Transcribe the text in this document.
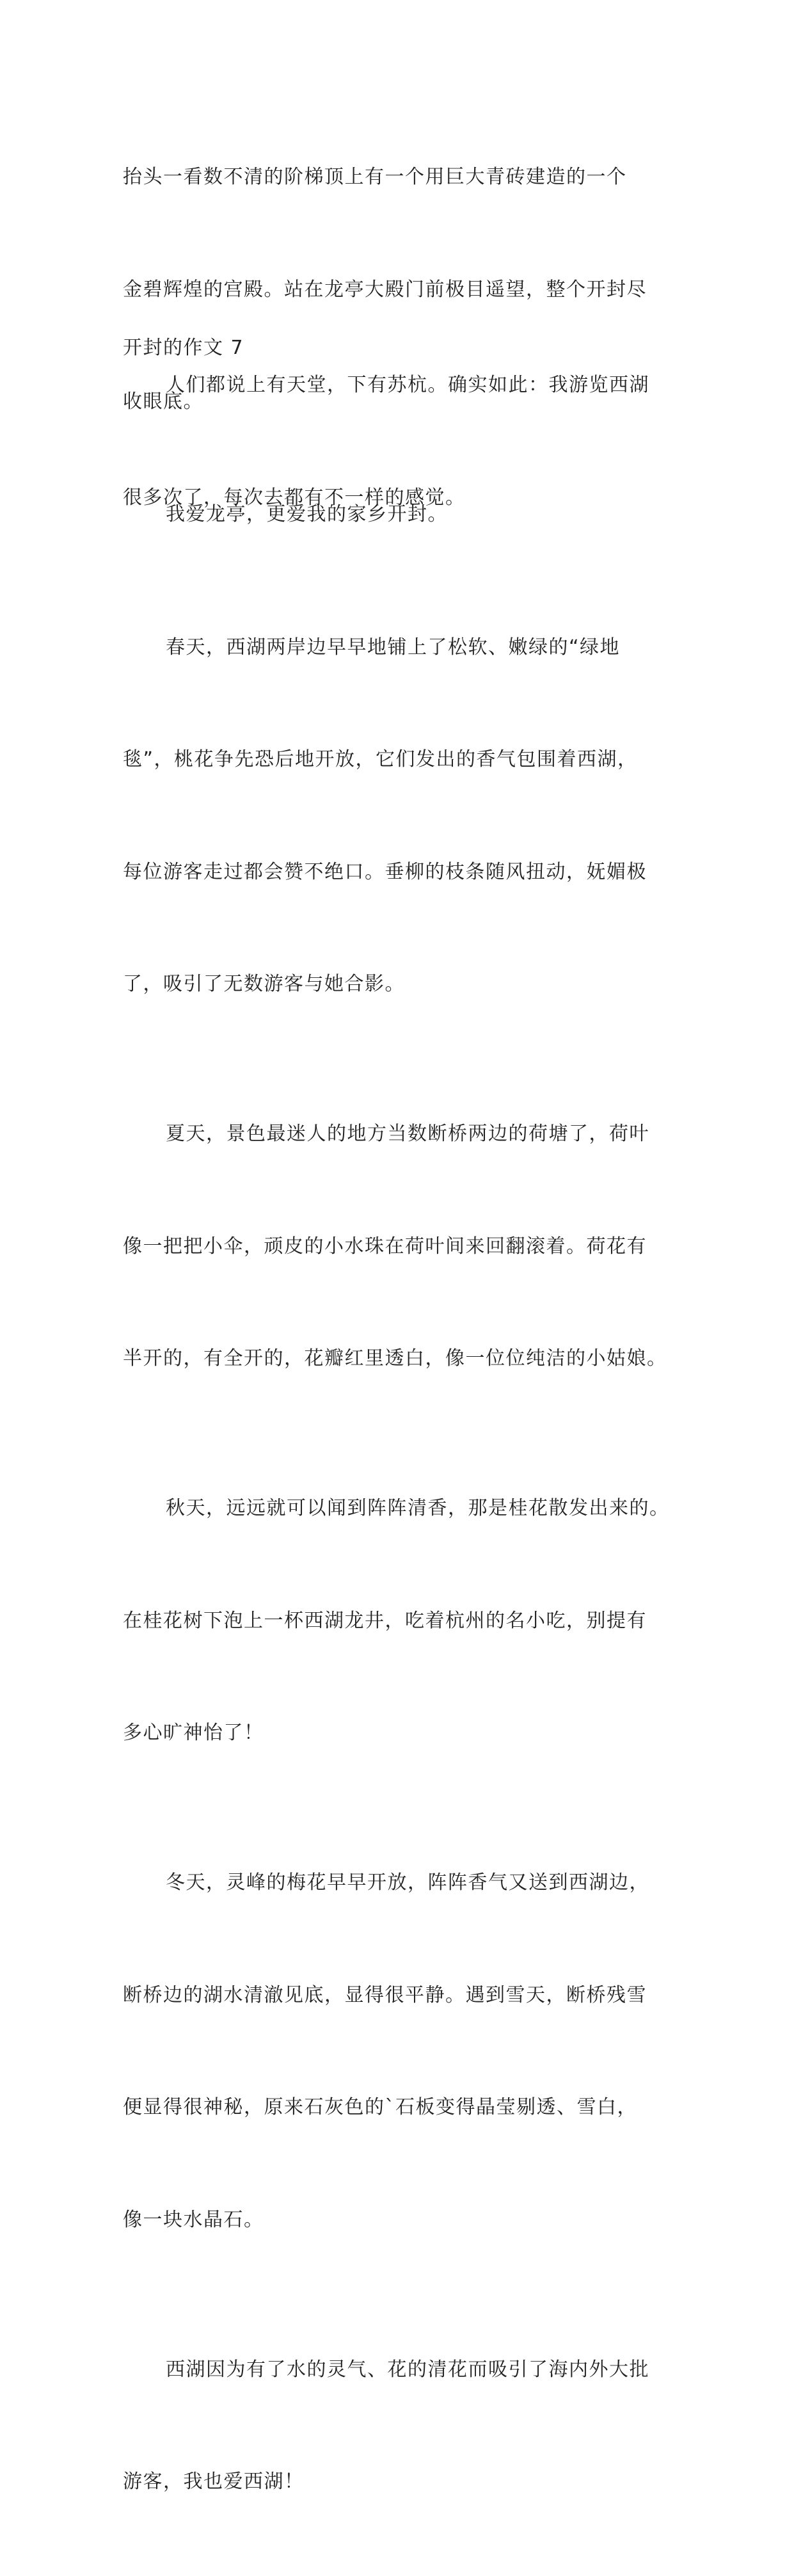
抬头一看数不清的阶梯顶上有一个用巨大青砖建造的一个

金碧辉煌的宫殿。站在龙亭大殿门前极目遥望，整个开封尽

收眼底。

我爱龙亭，更爱我的家乡开封。

开封的作文 7

人们都说上有天堂，下有苏杭。确实如此：我游览西湖

很多次了，每次去都有不一样的感觉。

春天，西湖两岸边早早地铺上了松软、嫩绿的“绿地

毯”，桃花争先恐后地开放，它们发出的香气包围着西湖，

每位游客走过都会赞不绝口。垂柳的枝条随风扭动，妩媚极

了，吸引了无数游客与她合影。

夏天，景色最迷人的地方当数断桥两边的荷塘了，荷叶

像一把把小伞，顽皮的小水珠在荷叶间来回翻滚着。荷花有

半开的，有全开的，花瓣红里透白，像一位位纯洁的小姑娘。

秋天，远远就可以闻到阵阵清香，那是桂花散发出来的。

在桂花树下泡上一杯西湖龙井，吃着杭州的名小吃，别提有

多心旷神怡了！

冬天，灵峰的梅花早早开放，阵阵香气又送到西湖边，

断桥边的湖水清澈见底，显得很平静。遇到雪天，断桥残雪

便显得很神秘，原来石灰色的`石板变得晶莹剔透、雪白，

像一块水晶石。

西湖因为有了水的灵气、花的清花而吸引了海内外大批

游客，我也爱西湖！
